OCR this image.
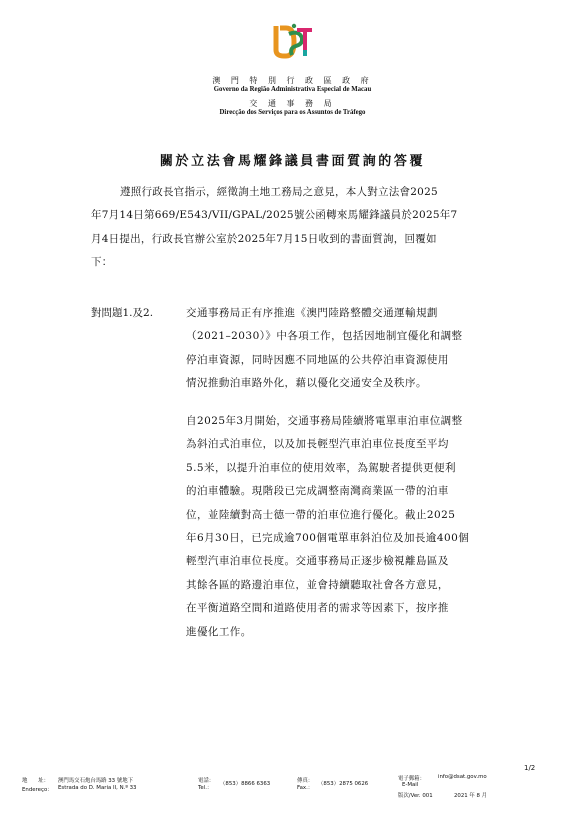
澳 門 特 別 行 政 區 政 府
Governo da Região Administrativa Especial de Macau
交 通 事 務 局
Direcção dos Serviços para os Assuntos de Tráfego
關於立法會馬耀鋒議員書面質詢的答覆
遵照行政長官指示，經徵詢土地工務局之意見，本人對立法會2025
年7月14日第669/E543/VII/GPAL/2025號公函轉來馬耀鋒議員於2025年7
月4日提出，行政長官辦公室於2025年7月15日收到的書面質詢，回覆如
下：
對問題1.及2.	交通事務局正有序推進《澳門陸路整體交通運輸規劃
（2021–2030）》中各項工作，包括因地制宜優化和調整
停泊車資源，同時因應不同地區的公共停泊車資源使用
情況推動泊車路外化，藉以優化交通安全及秩序。
自2025年3月開始，交通事務局陸續將電單車泊車位調整
為斜泊式泊車位，以及加長輕型汽車泊車位長度至平均
5.5米，以提升泊車位的使用效率，為駕駛者提供更便利
的泊車體驗。現階段已完成調整南灣商業區一帶的泊車
位，並陸續對高士德一帶的泊車位進行優化。截止2025
年6月30日，已完成逾700個電單車斜泊位及加長逾400個
輕型汽車泊車位長度。交通事務局正逐步檢視離島區及
其餘各區的路邊泊車位，並會持續聽取社會各方意見，
在平衡道路空間和道路使用者的需求等因素下，按序推
進優化工作。
1/2
地　　址： 澳門馬交石炮台馬路 33 號地下
Endereço： Estrada do D. Maria II, N.º 33
電話：
Tel.：
（853）8866 6363	傳真：
Fax.：
（853）2875 0626
電子郵箱： info@dsat.gov.mo
E-Mail
版次/Ver. 001	2021 年 8 月
